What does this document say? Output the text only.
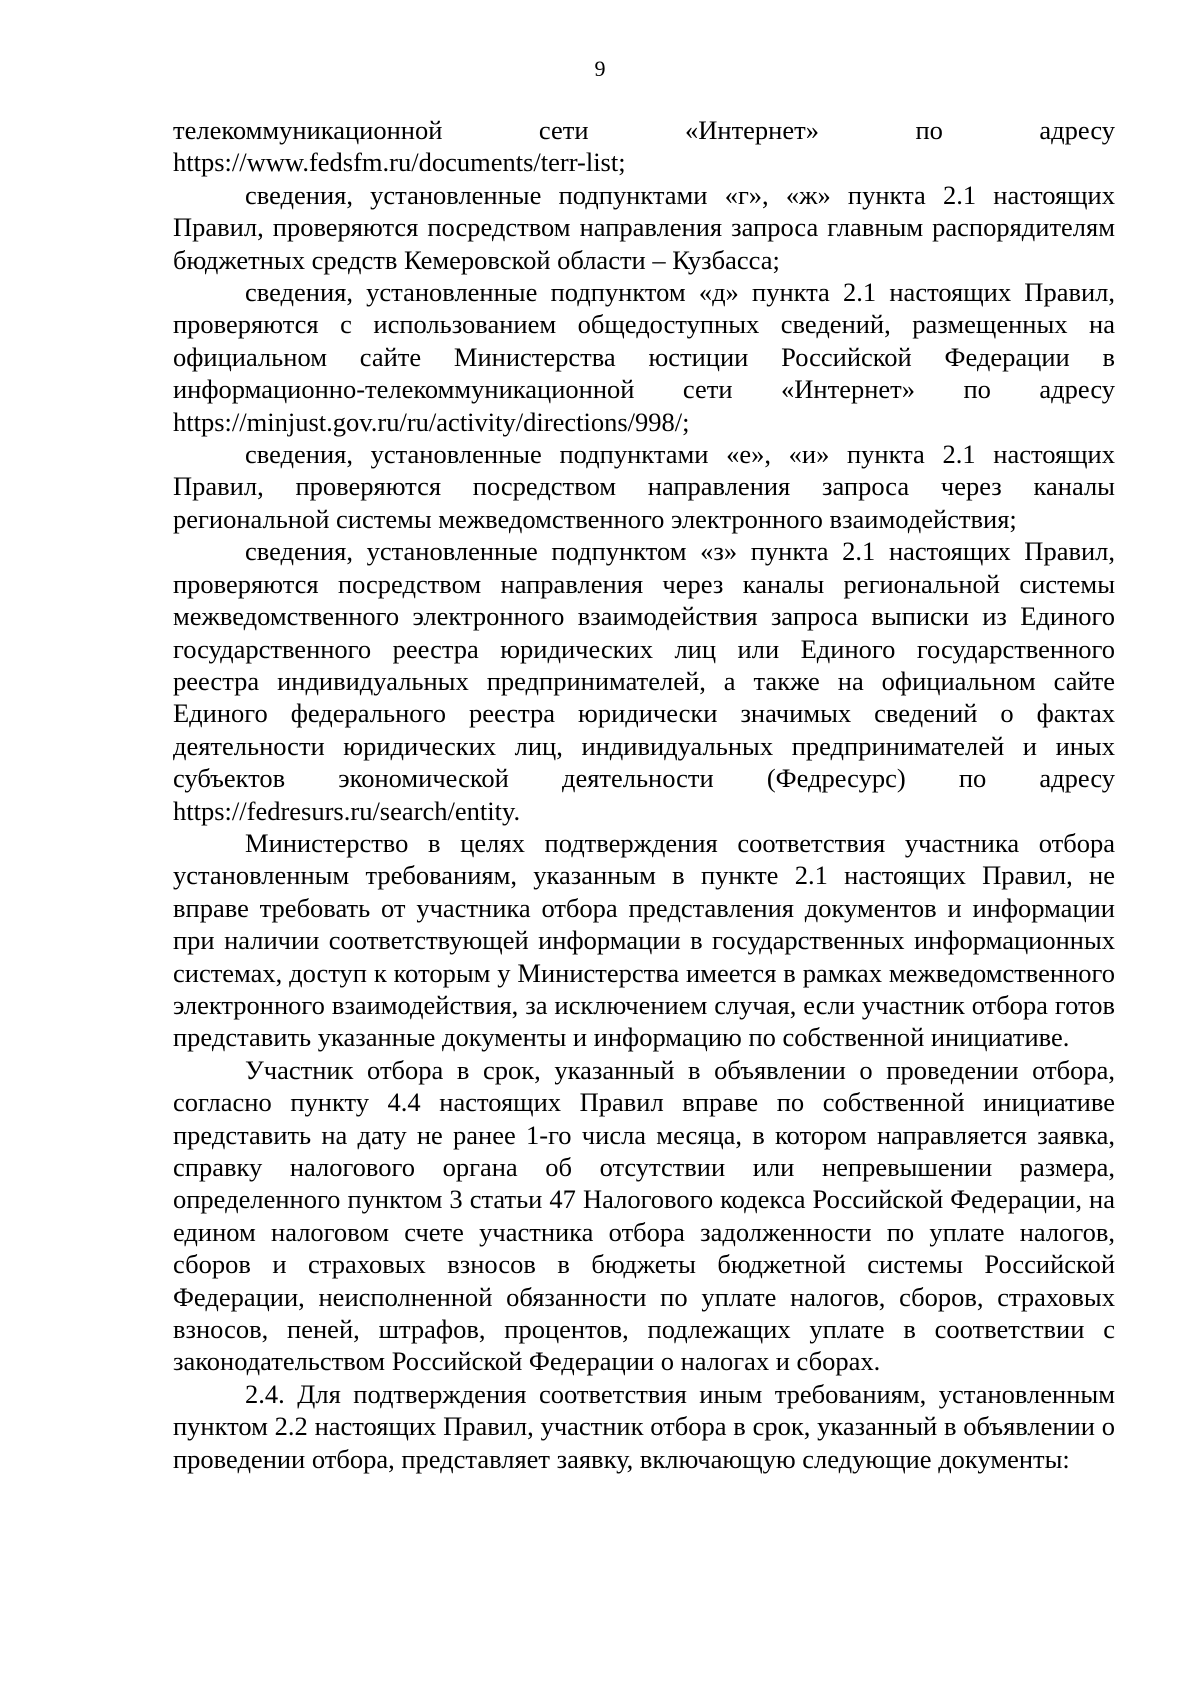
9

телекоммуникационной сети «Интернет» по адресу
https://www.fedsfm.ru/documents/terr-list;

сведения, установленные подпунктами «г», «ж» пункта 2.1 настоящих Правил, проверяются посредством направления запроса главным распорядителям бюджетных средств Кемеровской области – Кузбасса;

сведения, установленные подпунктом «д» пункта 2.1 настоящих Правил, проверяются с использованием общедоступных сведений, размещенных на официальном сайте Министерства юстиции Российской Федерации в информационно-телекоммуникационной сети «Интернет» по адресу https://minjust.gov.ru/ru/activity/directions/998/;

сведения, установленные подпунктами «е», «и» пункта 2.1 настоящих Правил, проверяются посредством направления запроса через каналы региональной системы межведомственного электронного взаимодействия;

сведения, установленные подпунктом «з» пункта 2.1 настоящих Правил, проверяются посредством направления через каналы региональной системы межведомственного электронного взаимодействия запроса выписки из Единого государственного реестра юридических лиц или Единого государственного реестра индивидуальных предпринимателей, а также на официальном сайте Единого федерального реестра юридически значимых сведений о фактах деятельности юридических лиц, индивидуальных предпринимателей и иных субъектов экономической деятельности (Федресурс) по адресу https://fedresurs.ru/search/entity.

Министерство в целях подтверждения соответствия участника отбора установленным требованиям, указанным в пункте 2.1 настоящих Правил, не вправе требовать от участника отбора представления документов и информации при наличии соответствующей информации в государственных информационных системах, доступ к которым у Министерства имеется в рамках межведомственного электронного взаимодействия, за исключением случая, если участник отбора готов представить указанные документы и информацию по собственной инициативе.

Участник отбора в срок, указанный в объявлении о проведении отбора, согласно пункту 4.4 настоящих Правил вправе по собственной инициативе представить на дату не ранее 1-го числа месяца, в котором направляется заявка, справку налогового органа об отсутствии или непревышении размера, определенного пунктом 3 статьи 47 Налогового кодекса Российской Федерации, на едином налоговом счете участника отбора задолженности по уплате налогов, сборов и страховых взносов в бюджеты бюджетной системы Российской Федерации, неисполненной обязанности по уплате налогов, сборов, страховых взносов, пеней, штрафов, процентов, подлежащих уплате в соответствии с законодательством Российской Федерации о налогах и сборах.

2.4. Для подтверждения соответствия иным требованиям, установленным пунктом 2.2 настоящих Правил, участник отбора в срок, указанный в объявлении о проведении отбора, представляет заявку, включающую следующие документы:
